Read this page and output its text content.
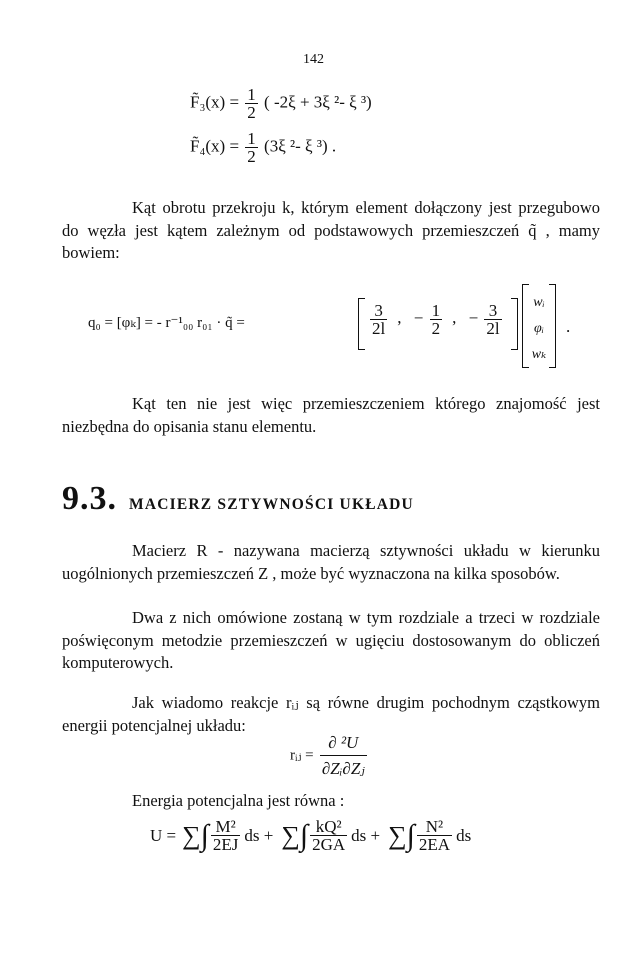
142
F̃₃(x) = $\frac{1}{2}$ ( -2ξ + 3ξ ²- ξ ³)
F̃₄(x) = $\frac{1}{2} (3\xi$ ²- ξ ³) .
Kąt obrotu przekroju k, którym element dołączony jest przegubowo do węzła jest kątem zależnym od podstawowych przemieszczeń q̃ , mamy bowiem:
q₀ = [φₖ] = - r⁻¹₀₀ r₀₁ · q̃ =	$\frac{3}{2l}$ , − $\frac{1}{2}$ , − $\frac{3}{2l}$	wᵢ
φᵢ
wₖ
.
Kąt ten nie jest więc przemieszczeniem którego znajomość jest niezbędna do opisania stanu elementu.
9.3. MACIERZ SZTYWNOŚCI UKŁADU
Macierz R - nazywana macierzą sztywności układu w kierunku uogólnionych przemieszczeń Z , może być wyznaczona na kilka sposobów.
Dwa z nich omówione zostaną w tym rozdziale a trzeci w rozdziale poświęconym metodzie przemieszczeń w ugięciu dostosowanym do obliczeń komputerowych.
Jak wiadomo reakcje rᵢⱼ są równe drugim pochodnym cząstkowym energii potencjalnej układu:
rᵢⱼ = $\frac{\text{∂ ²U}}{\text{∂Zᵢ∂Zⱼ}}$
Energia potencjalna jest równa :
U = ∑ ∫ $\frac{\text{M²}}{2EJ}$ ds + ∑ ∫ $\frac{\text{kQ²}}{2GA}$ ds + ∑ ∫ $\frac{\text{N²}}{2EA}$ ds
